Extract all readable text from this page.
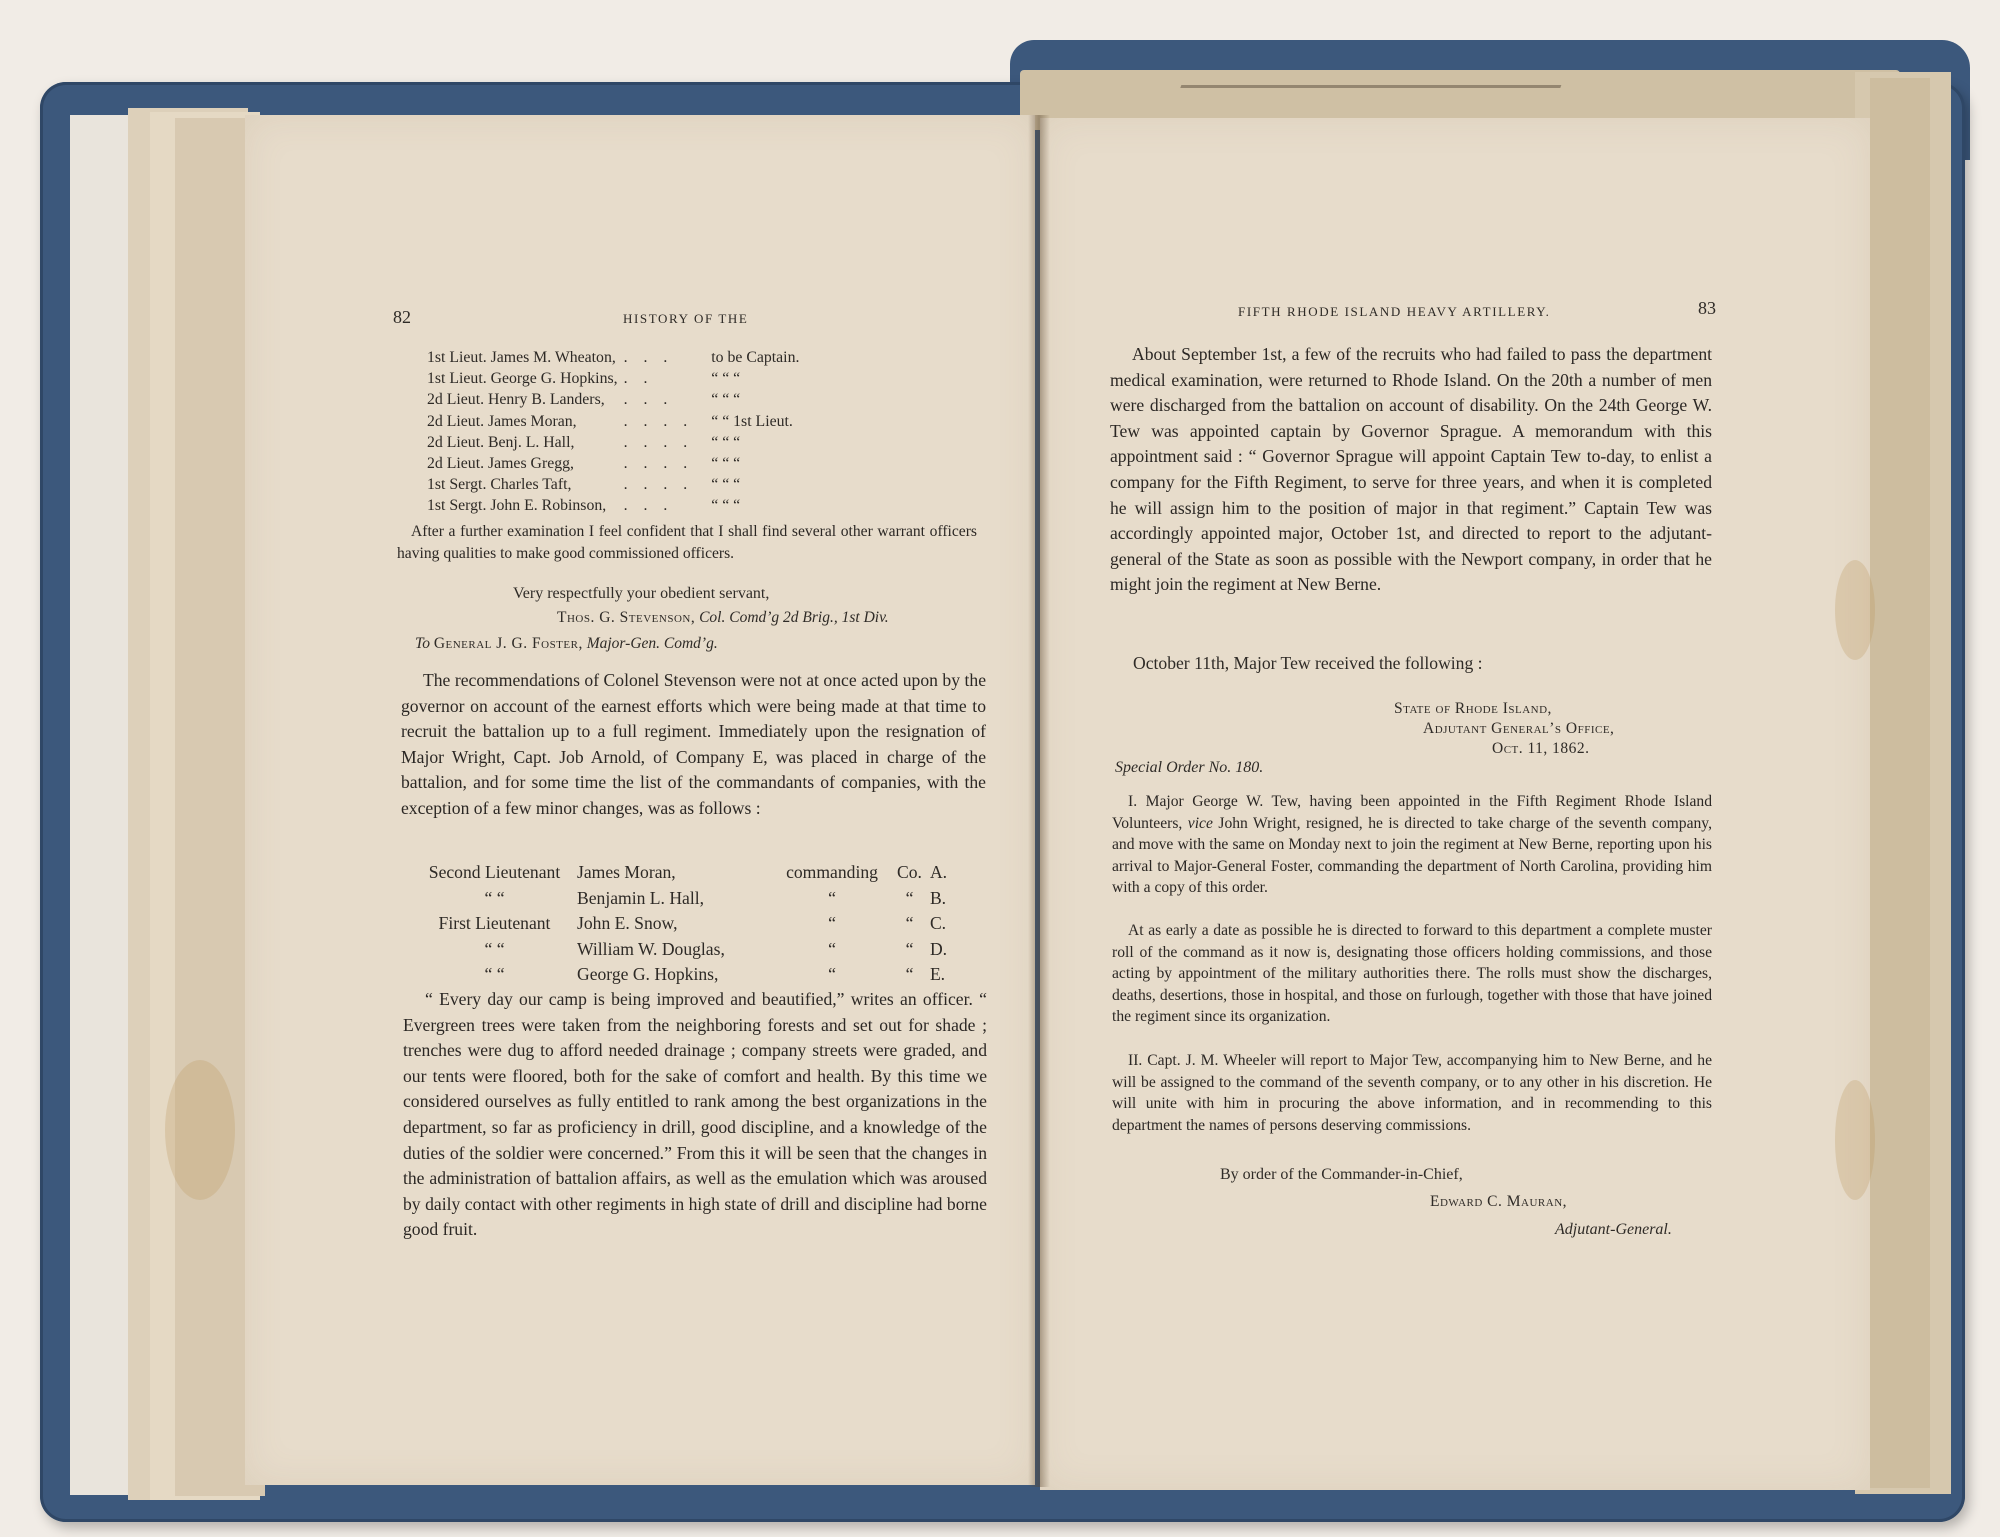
82	HISTORY OF THE
1st Lieut. James M. Wheaton,	. . .	to be Captain.
1st Lieut. George G. Hopkins,	. .	“ “ “
2d Lieut. Henry B. Landers,	. . .	“ “ “
2d Lieut. James Moran,	. . . .	“ “ 1st Lieut.
2d Lieut. Benj. L. Hall,	. . . .	“ “ “
2d Lieut. James Gregg,	. . . .	“ “ “
1st Sergt. Charles Taft,	. . . .	“ “ “
1st Sergt. John E. Robinson,	. . .	“ “ “
After a further examination I feel confident that I shall find several other warrant officers having qualities to make good commissioned officers.
Very respectfully your obedient servant,
Thos. G. Stevenson, Col. Comd’g 2d Brig., 1st Div.
To General J. G. Foster, Major-Gen. Comd’g.
The recommendations of Colonel Stevenson were not at once acted upon by the governor on account of the earnest efforts which were being made at that time to recruit the battalion up to a full regiment. Immediately upon the resignation of Major Wright, Capt. Job Arnold, of Company E, was placed in charge of the battalion, and for some time the list of the commandants of companies, with the exception of a few minor changes, was as follows :
Second Lieutenant	James Moran,	commanding	Co.	A.
“ “	Benjamin L. Hall,	“	“	B.
First Lieutenant	John E. Snow,	“	“	C.
“ “	William W. Douglas,	“	“	D.
“ “	George G. Hopkins,	“	“	E.
“ Every day our camp is being improved and beautified,” writes an officer. “ Evergreen trees were taken from the neighboring forests and set out for shade ; trenches were dug to afford needed drainage ; company streets were graded, and our tents were floored, both for the sake of comfort and health. By this time we considered ourselves as fully entitled to rank among the best organizations in the department, so far as proficiency in drill, good discipline, and a knowledge of the duties of the soldier were concerned.” From this it will be seen that the changes in the administration of battalion affairs, as well as the emulation which was aroused by daily contact with other regiments in high state of drill and discipline had borne good fruit.
FIFTH RHODE ISLAND HEAVY ARTILLERY.	83
About September 1st, a few of the recruits who had failed to pass the department medical examination, were returned to Rhode Island. On the 20th a number of men were discharged from the battalion on account of disability. On the 24th George W. Tew was appointed captain by Governor Sprague. A memorandum with this appointment said : “ Governor Sprague will appoint Captain Tew to-day, to enlist a company for the Fifth Regiment, to serve for three years, and when it is completed he will assign him to the position of major in that regiment.” Captain Tew was accordingly appointed major, October 1st, and directed to report to the adjutant-general of the State as soon as possible with the Newport company, in order that he might join the regiment at New Berne.
October 11th, Major Tew received the following :
State of Rhode Island,
Adjutant General’s Office,
Oct. 11, 1862.
Special Order No. 180.
I. Major George W. Tew, having been appointed in the Fifth Regiment Rhode Island Volunteers, vice John Wright, resigned, he is directed to take charge of the seventh company, and move with the same on Monday next to join the regiment at New Berne, reporting upon his arrival to Major-General Foster, commanding the department of North Carolina, providing him with a copy of this order.
At as early a date as possible he is directed to forward to this department a complete muster roll of the command as it now is, designating those officers holding commissions, and those acting by appointment of the military authorities there. The rolls must show the discharges, deaths, desertions, those in hospital, and those on furlough, together with those that have joined the regiment since its organization.
II. Capt. J. M. Wheeler will report to Major Tew, accompanying him to New Berne, and he will be assigned to the command of the seventh company, or to any other in his discretion. He will unite with him in procuring the above information, and in recommending to this department the names of persons deserving commissions.
By order of the Commander-in-Chief,
Edward C. Mauran,
Adjutant-General.
